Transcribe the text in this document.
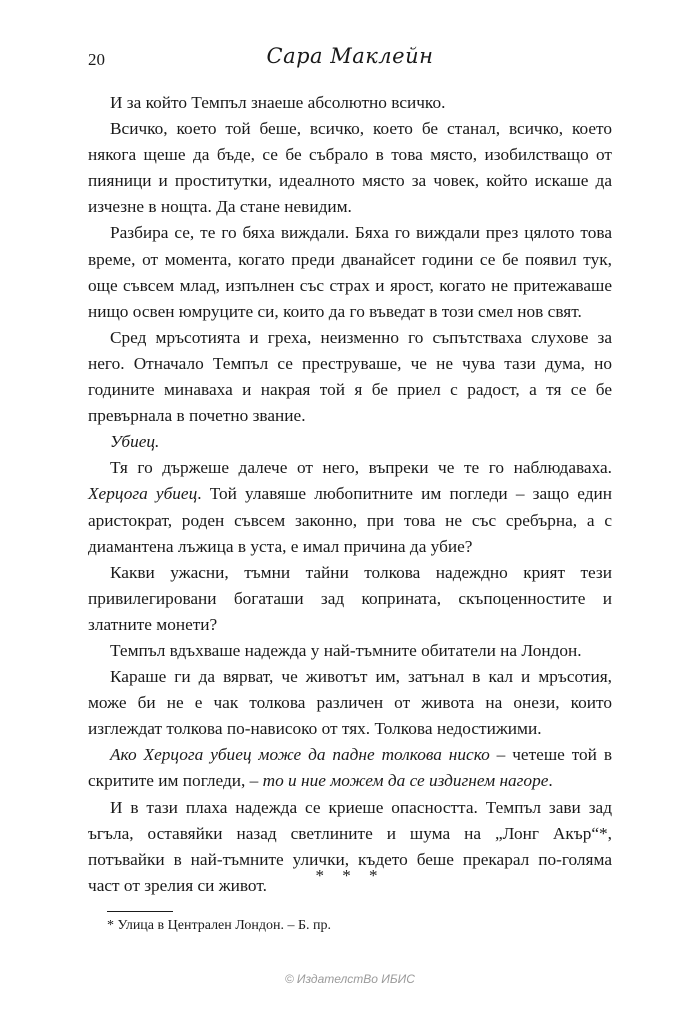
20	Сара Маклейн

И за който Темпъл знаеше абсолютно всичко.

Всичко, което той беше, всичко, което бе станал, всичко, което някога щеше да бъде, се бе събрало в това място, изобилстващо от пияници и проститутки, идеалното място за човек, който искаше да изчезне в нощта. Да стане невидим.

Разбира се, те го бяха виждали. Бяха го виждали през цялото това време, от момента, когато преди дванайсет години се бе появил тук, още съвсем млад, изпълнен със страх и ярост, когато не притежаваше нищо освен юмруците си, които да го въведат в този смел нов свят.

Сред мръсотията и греха, неизменно го съпътстваха слухове за него. Отначало Темпъл се преструваше, че не чува тази дума, но годините минаваха и накрая той я бе приел с радост, а тя се бе превърнала в почетно звание.

Убиец.

Тя го държеше далече от него, въпреки че те го наблюдаваха. Херцога убиец. Той улавяше любопитните им погледи – защо един аристократ, роден съвсем законно, при това не със сребърна, а с диамантена лъжица в уста, е имал причина да убие?

Какви ужасни, тъмни тайни толкова надеждно крият тези привилегировани богаташи зад коприната, скъпоценностите и златните монети?

Темпъл вдъхваше надежда у най-тъмните обитатели на Лондон.

Караше ги да вярват, че животът им, затънал в кал и мръсотия, може би не е чак толкова различен от живота на онези, които изглеждат толкова по-нависоко от тях. Толкова недостижими.

Ако Херцога убиец може да падне толкова ниско – четеше той в скритите им погледи, – то и ние можем да се издигнем нагоре.

И в тази плаха надежда се криеше опасността. Темпъл зави зад ъгъла, оставяйки назад светлините и шума на „Лонг Акър“*, потъвайки в най-тъмните улички, където беше прекарал по-голяма част от зрелия си живот.

* * *
* Улица в Централен Лондон. – Б. пр.
© ИздателстВо ИБИС
